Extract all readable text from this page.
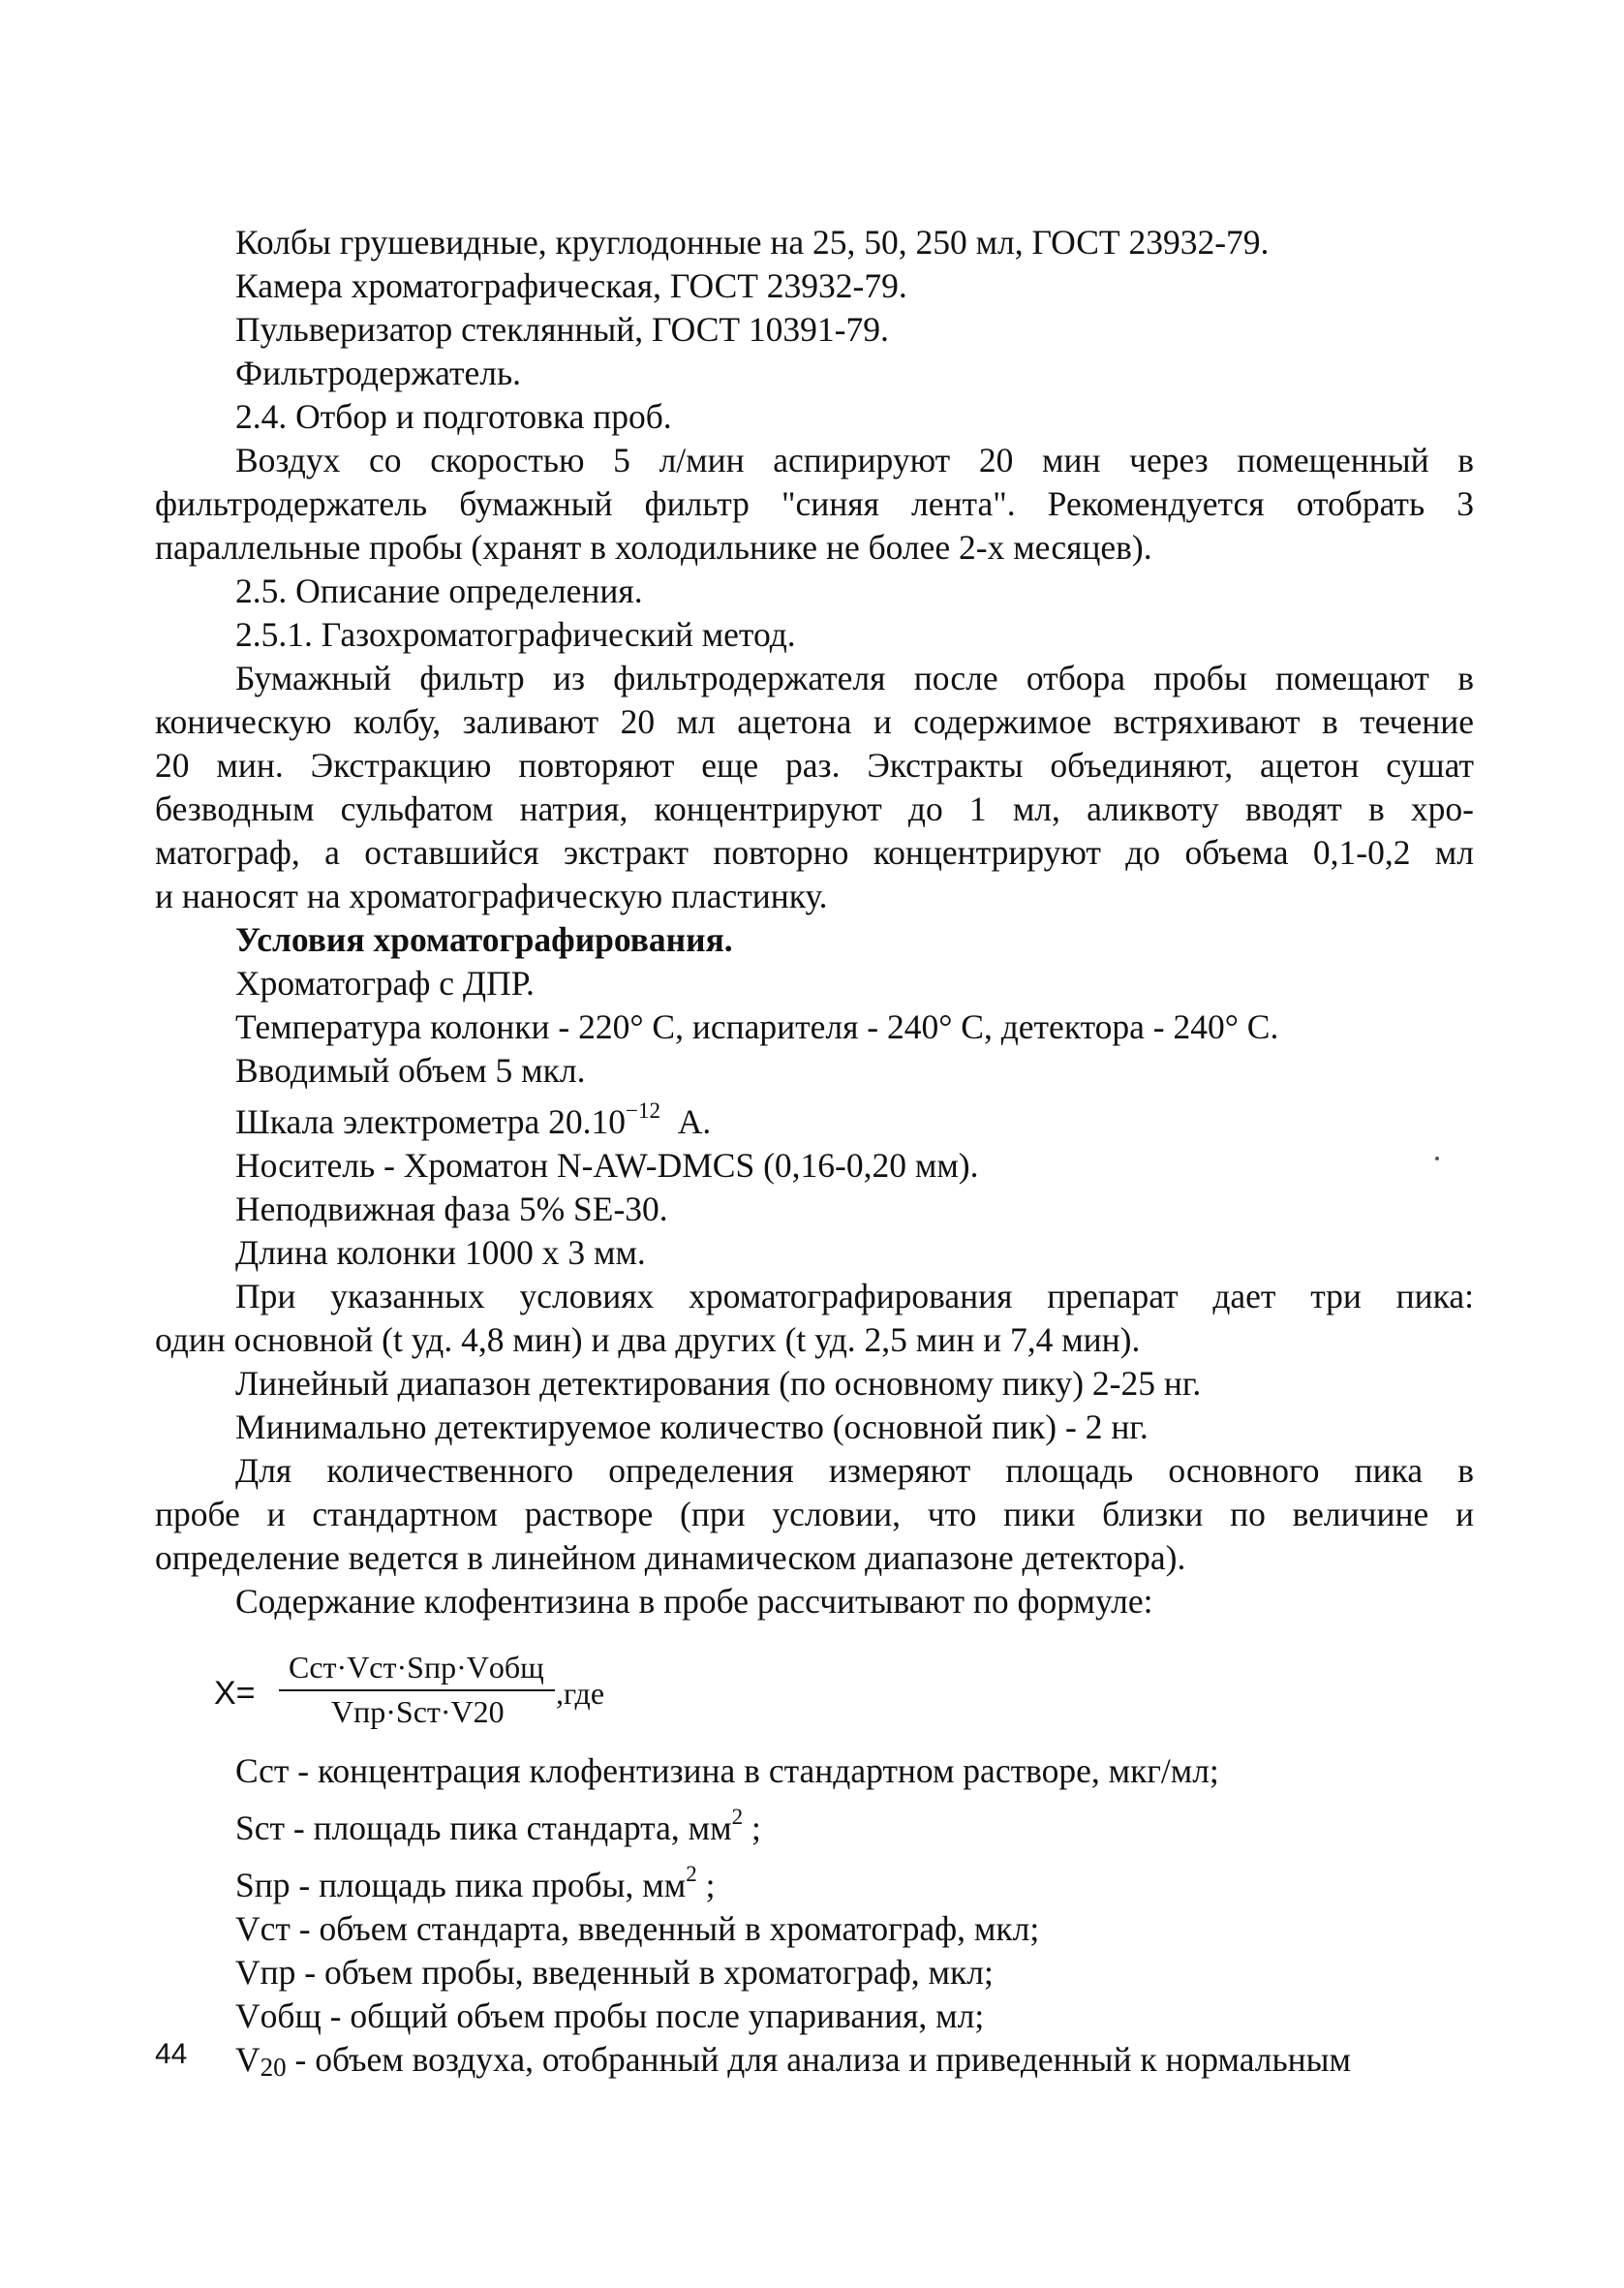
Колбы грушевидные, круглодонные на 25, 50, 250 мл, ГОСТ 23932-79.
Камера хроматографическая, ГОСТ 23932-79.
Пульверизатор стеклянный, ГОСТ 10391-79.
Фильтродержатель.
2.4. Отбор и подготовка проб.
Воздух со скоростью 5 л/мин аспирируют 20 мин через помещенный в
фильтродержатель бумажный фильтр "синяя лента". Рекомендуется отобрать 3
параллельные пробы (хранят в холодильнике не более 2-х месяцев).
2.5. Описание определения.
2.5.1. Газохроматографический метод.
Бумажный фильтр из фильтродержателя после отбора пробы помещают в
коническую колбу, заливают 20 мл ацетона и содержимое встряхивают в течение
20 мин. Экстракцию повторяют еще раз. Экстракты объединяют, ацетон сушат
безводным сульфатом натрия, концентрируют до 1 мл, аликвоту вводят в хро-
матограф, а оставшийся экстракт повторно концентрируют до объема 0,1-0,2 мл
и наносят на хроматографическую пластинку.
Условия хроматографирования.
Хроматограф с ДПР.
Температура колонки - 220° С, испарителя - 240° С, детектора - 240° С.
Вводимый объем 5 мкл.
Шкала электрометра $20.10^{-12}$  А.
Носитель - Хроматон N-AW-DMCS (0,16-0,20 мм).
Неподвижная фаза 5% SE-30.
Длина колонки 1000 х 3 мм.
При указанных условиях хроматографирования препарат дает три пика:
один основной (t уд. 4,8 мин) и два других (t уд. 2,5 мин и 7,4 мин).
Линейный диапазон детектирования (по основному пику) 2-25 нг.
Минимально детектируемое количество (основной пик) - 2 нг.
Для количественного определения измеряют площадь основного пика в
пробе и стандартном растворе (при условии, что пики близки по величине и
определение ведется в линейном динамическом диапазоне детектора).
Содержание клофентизина в пробе рассчитывают по формуле:
X=
Cст·Vст·Sпр·Vобщ
Vпр·Sст·V20
,где
Сст - концентрация клофентизина в стандартном растворе, мкг/мл;
Sст - площадь пика стандарта, $мм^2$ ;
Sпр - площадь пика пробы, $мм^2$ ;
Vст - объем стандарта, введенный в хроматограф, мкл;
Vпр - объем пробы, введенный в хроматограф, мкл;
Vобщ - общий объем пробы после упаривания, мл;
V20 - объем воздуха, отобранный для анализа и приведенный к нормальным
44
